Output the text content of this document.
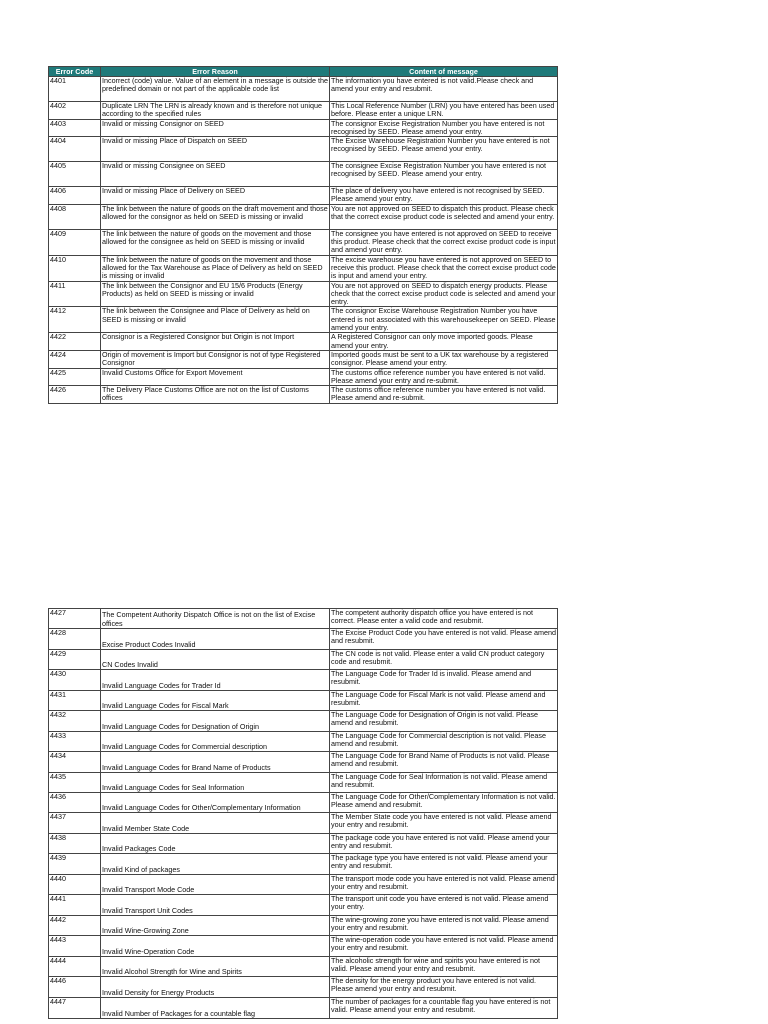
Error Code	Error Reason	Content of message
4401	Incorrect (code) value. Value of an element in a message is outside the predefined domain or not part of the applicable code list	The information you have entered is not valid.Please check and amend your entry and resubmit.
4402	Duplicate LRN The LRN is already known and is therefore not unique according to the specified rules	This Local Reference Number (LRN) you have entered has been used before. Please enter a unique LRN.
4403	Invalid or missing Consignor on SEED	The consignor Excise Registration Number you have entered is not recognised by SEED. Please amend your entry.
4404	Invalid or missing Place of Dispatch on SEED	The Excise Warehouse Registration Number you have entered is not recognised by SEED. Please amend your entry.
4405	Invalid or missing Consignee on SEED	The consignee Excise Registration Number you have entered is not recognised by SEED. Please amend your entry.
4406	Invalid or missing Place of Delivery on SEED	The place of delivery you have entered is not recognised by SEED. Please amend your entry.
4408	The link between the nature of goods on the draft movement and those allowed for the consignor as held on SEED is missing or invalid	You are not approved on SEED to dispatch this product. Please check that the correct excise product code is selected and amend your entry.
4409	The link between the nature of goods on the movement and those allowed for the consignee as held on SEED is missing or invalid	The consignee you have entered is not approved on SEED to receive this product. Please check that the correct excise product code is input and amend your entry.
4410	The link between the nature of goods on the movement and those allowed for the Tax Warehouse as Place of Delivery as held on SEED is missing or invalid	The excise warehouse you have entered is not approved on SEED to receive this product. Please check that the correct excise product code is input and amend your entry.
4411	The link between the Consignor and EU 15/6 Products (Energy Products) as held on SEED is missing or invalid	You are not approved on SEED to dispatch energy products. Please check that the correct excise product code is selected and amend your entry.
4412	The link between the Consignee and Place of Delivery as held on SEED is missing or invalid	The consignor Excise Warehouse Registration Number you have entered is not associated with this warehousekeeper on SEED. Please amend your entry.
4422	Consignor is a Registered Consignor but Origin is not Import	A Registered Consignor can only move imported goods. Please amend your entry.
4424	Origin of movement is Import but Consignor is not of type Registered Consignor	Imported goods must be sent to a UK tax warehouse by a registered consignor. Please amend your entry.
4425	Invalid Customs Office for Export Movement	The customs office reference number you have entered is not valid. Please amend your entry and re-submit.
4426	The Delivery Place Customs Office are not on the list of Customs offices	The customs office reference number you have entered is not valid. Please amend and re-submit.
4427	The Competent Authority Dispatch Office is not on the list of Excise offices	The competent authority dispatch office you have entered is not correct. Please enter a valid code and resubmit.
4428	Excise Product Codes Invalid	The Excise Product Code you have entered is not valid. Please amend and resubmit.
4429	CN Codes Invalid	The CN code is not valid. Please enter a valid CN product category code and resubmit.
4430	Invalid Language Codes for Trader Id	The Language Code for Trader Id is invalid. Please amend and resubmit.
4431	Invalid Language Codes for Fiscal Mark	The Language Code for Fiscal Mark is not valid. Please amend and resubmit.
4432	Invalid Language Codes for Designation of Origin	The Language Code for Designation of Origin is not valid. Please amend and resubmit.
4433	Invalid Language Codes for Commercial description	The Language Code for Commercial description is not valid. Please amend and resubmit.
4434	Invalid Language Codes for Brand Name of Products	The Language Code for Brand Name of Products is not valid. Please amend and resubmit.
4435	Invalid Language Codes for Seal Information	The Language Code for Seal Information is not valid. Please amend and resubmit.
4436	Invalid Language Codes for Other/Complementary Information	The Language Code for Other/Complementary Information is not valid. Please amend and resubmit.
4437	Invalid Member State Code	The Member State code you have entered is not valid. Please amend your entry and resubmit.
4438	Invalid Packages Code	The package code you have entered is not valid. Please amend your entry and resubmit.
4439	Invalid Kind of packages	The package type you have entered is not valid. Please amend your entry and resubmit.
4440	Invalid Transport Mode Code	The transport mode code you have entered is not valid. Please amend your entry and resubmit.
4441	Invalid Transport Unit Codes	The transport unit code you have entered is not valid. Please amend your entry.
4442	Invalid Wine-Growing Zone	The wine-growing zone you have entered is not valid. Please amend your entry and resubmit.
4443	Invalid Wine-Operation Code	The wine-operation code you have entered is not valid. Please amend your entry and resubmit.
4444	Invalid Alcohol Strength for Wine and Spirits	The alcoholic strength for wine and spirits you have entered is not valid. Please amend your entry and resubmit.
4446	Invalid Density for Energy Products	The density for the energy product you have entered is not valid. Please amend your entry and resubmit.
4447	Invalid Number of Packages for a countable flag	The number of packages for a countable flag you have entered is not valid. Please amend your entry and resubmit.
